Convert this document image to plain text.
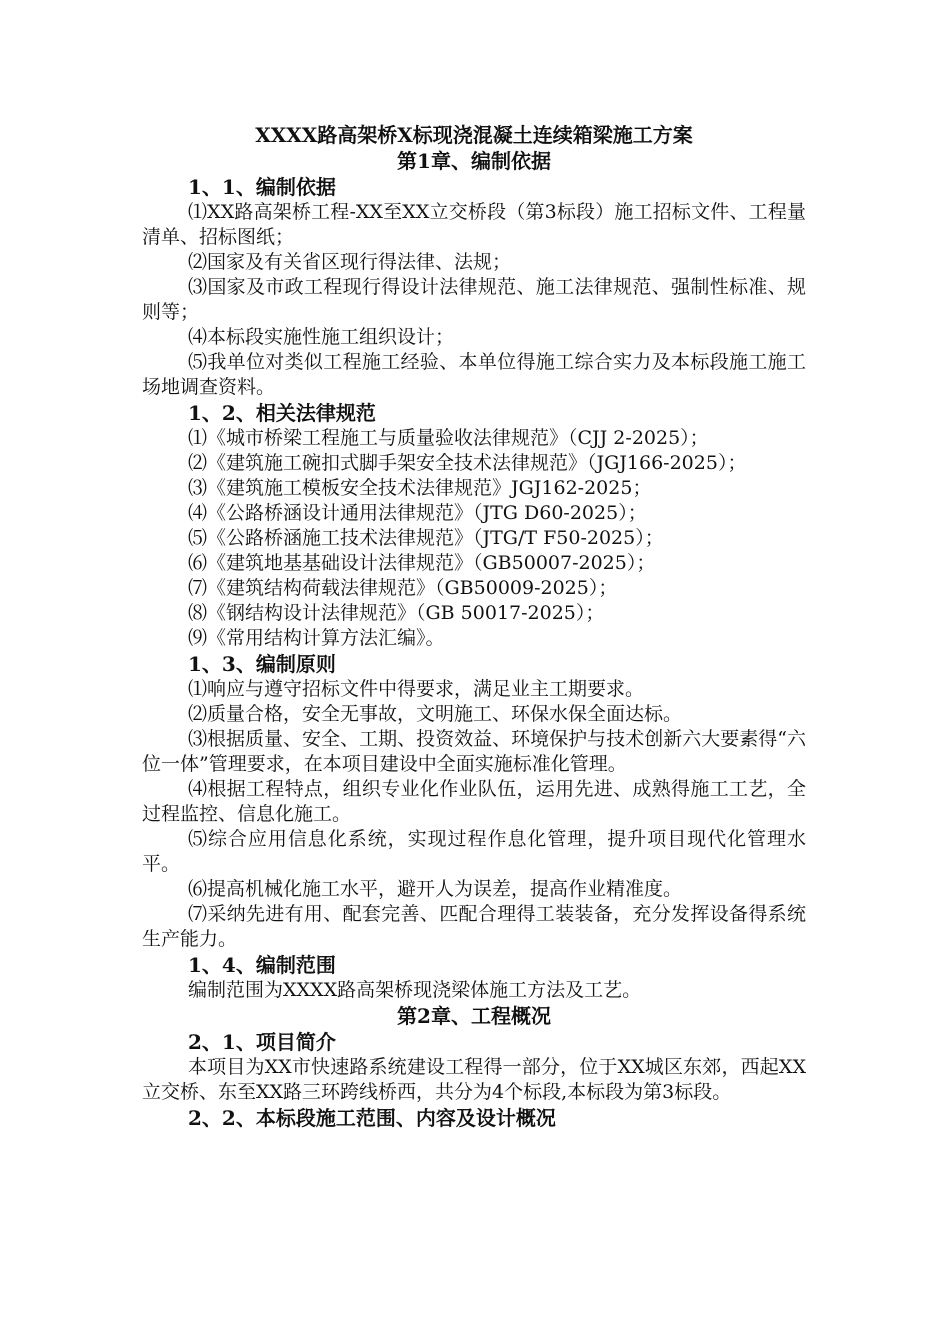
XXXX路高架桥X标现浇混凝土连续箱梁施工方案
第1章、编制依据
1、1、编制依据

⑴XX路高架桥工程-XX至XX立交桥段（第3标段）施工招标文件、工程量清单、招标图纸；

⑵国家及有关省区现行得法律、法规；

⑶国家及市政工程现行得设计法律规范、施工法律规范、强制性标准、规则等；

⑷本标段实施性施工组织设计；

⑸我单位对类似工程施工经验、本单位得施工综合实力及本标段施工施工场地调查资料。

1、2、相关法律规范

⑴《城市桥梁工程施工与质量验收法律规范》（CJJ 2-2025）；

⑵《建筑施工碗扣式脚手架安全技术法律规范》（JGJ166-2025）；

⑶《建筑施工模板安全技术法律规范》JGJ162-2025；

⑷《公路桥涵设计通用法律规范》（JTG D60-2025）；

⑸《公路桥涵施工技术法律规范》（JTG/T F50-2025）；

⑹《建筑地基基础设计法律规范》（GB50007-2025）；

⑺《建筑结构荷载法律规范》（GB50009-2025）；

⑻《钢结构设计法律规范》（GB 50017-2025）；

⑼《常用结构计算方法汇编》。

1、3、编制原则

⑴响应与遵守招标文件中得要求，满足业主工期要求。

⑵质量合格，安全无事故，文明施工、环保水保全面达标。

⑶根据质量、安全、工期、投资效益、环境保护与技术创新六大要素得“六位一体”管理要求，在本项目建设中全面实施标准化管理。

⑷根据工程特点，组织专业化作业队伍，运用先进、成熟得施工工艺，全过程监控、信息化施工。

⑸综合应用信息化系统，实现过程作息化管理，提升项目现代化管理水平。

⑹提高机械化施工水平，避开人为误差，提高作业精准度。

⑺采纳先进有用、配套完善、匹配合理得工装装备，充分发挥设备得系统生产能力。

1、4、编制范围

编制范围为XXXX路高架桥现浇梁体施工方法及工艺。

第2章、工程概况
2、1、项目简介

本项目为XX市快速路系统建设工程得一部分，位于XX城区东郊，西起XX立交桥、东至XX路三环跨线桥西，共分为4个标段,本标段为第3标段。

2、2、本标段施工范围、内容及设计概况
